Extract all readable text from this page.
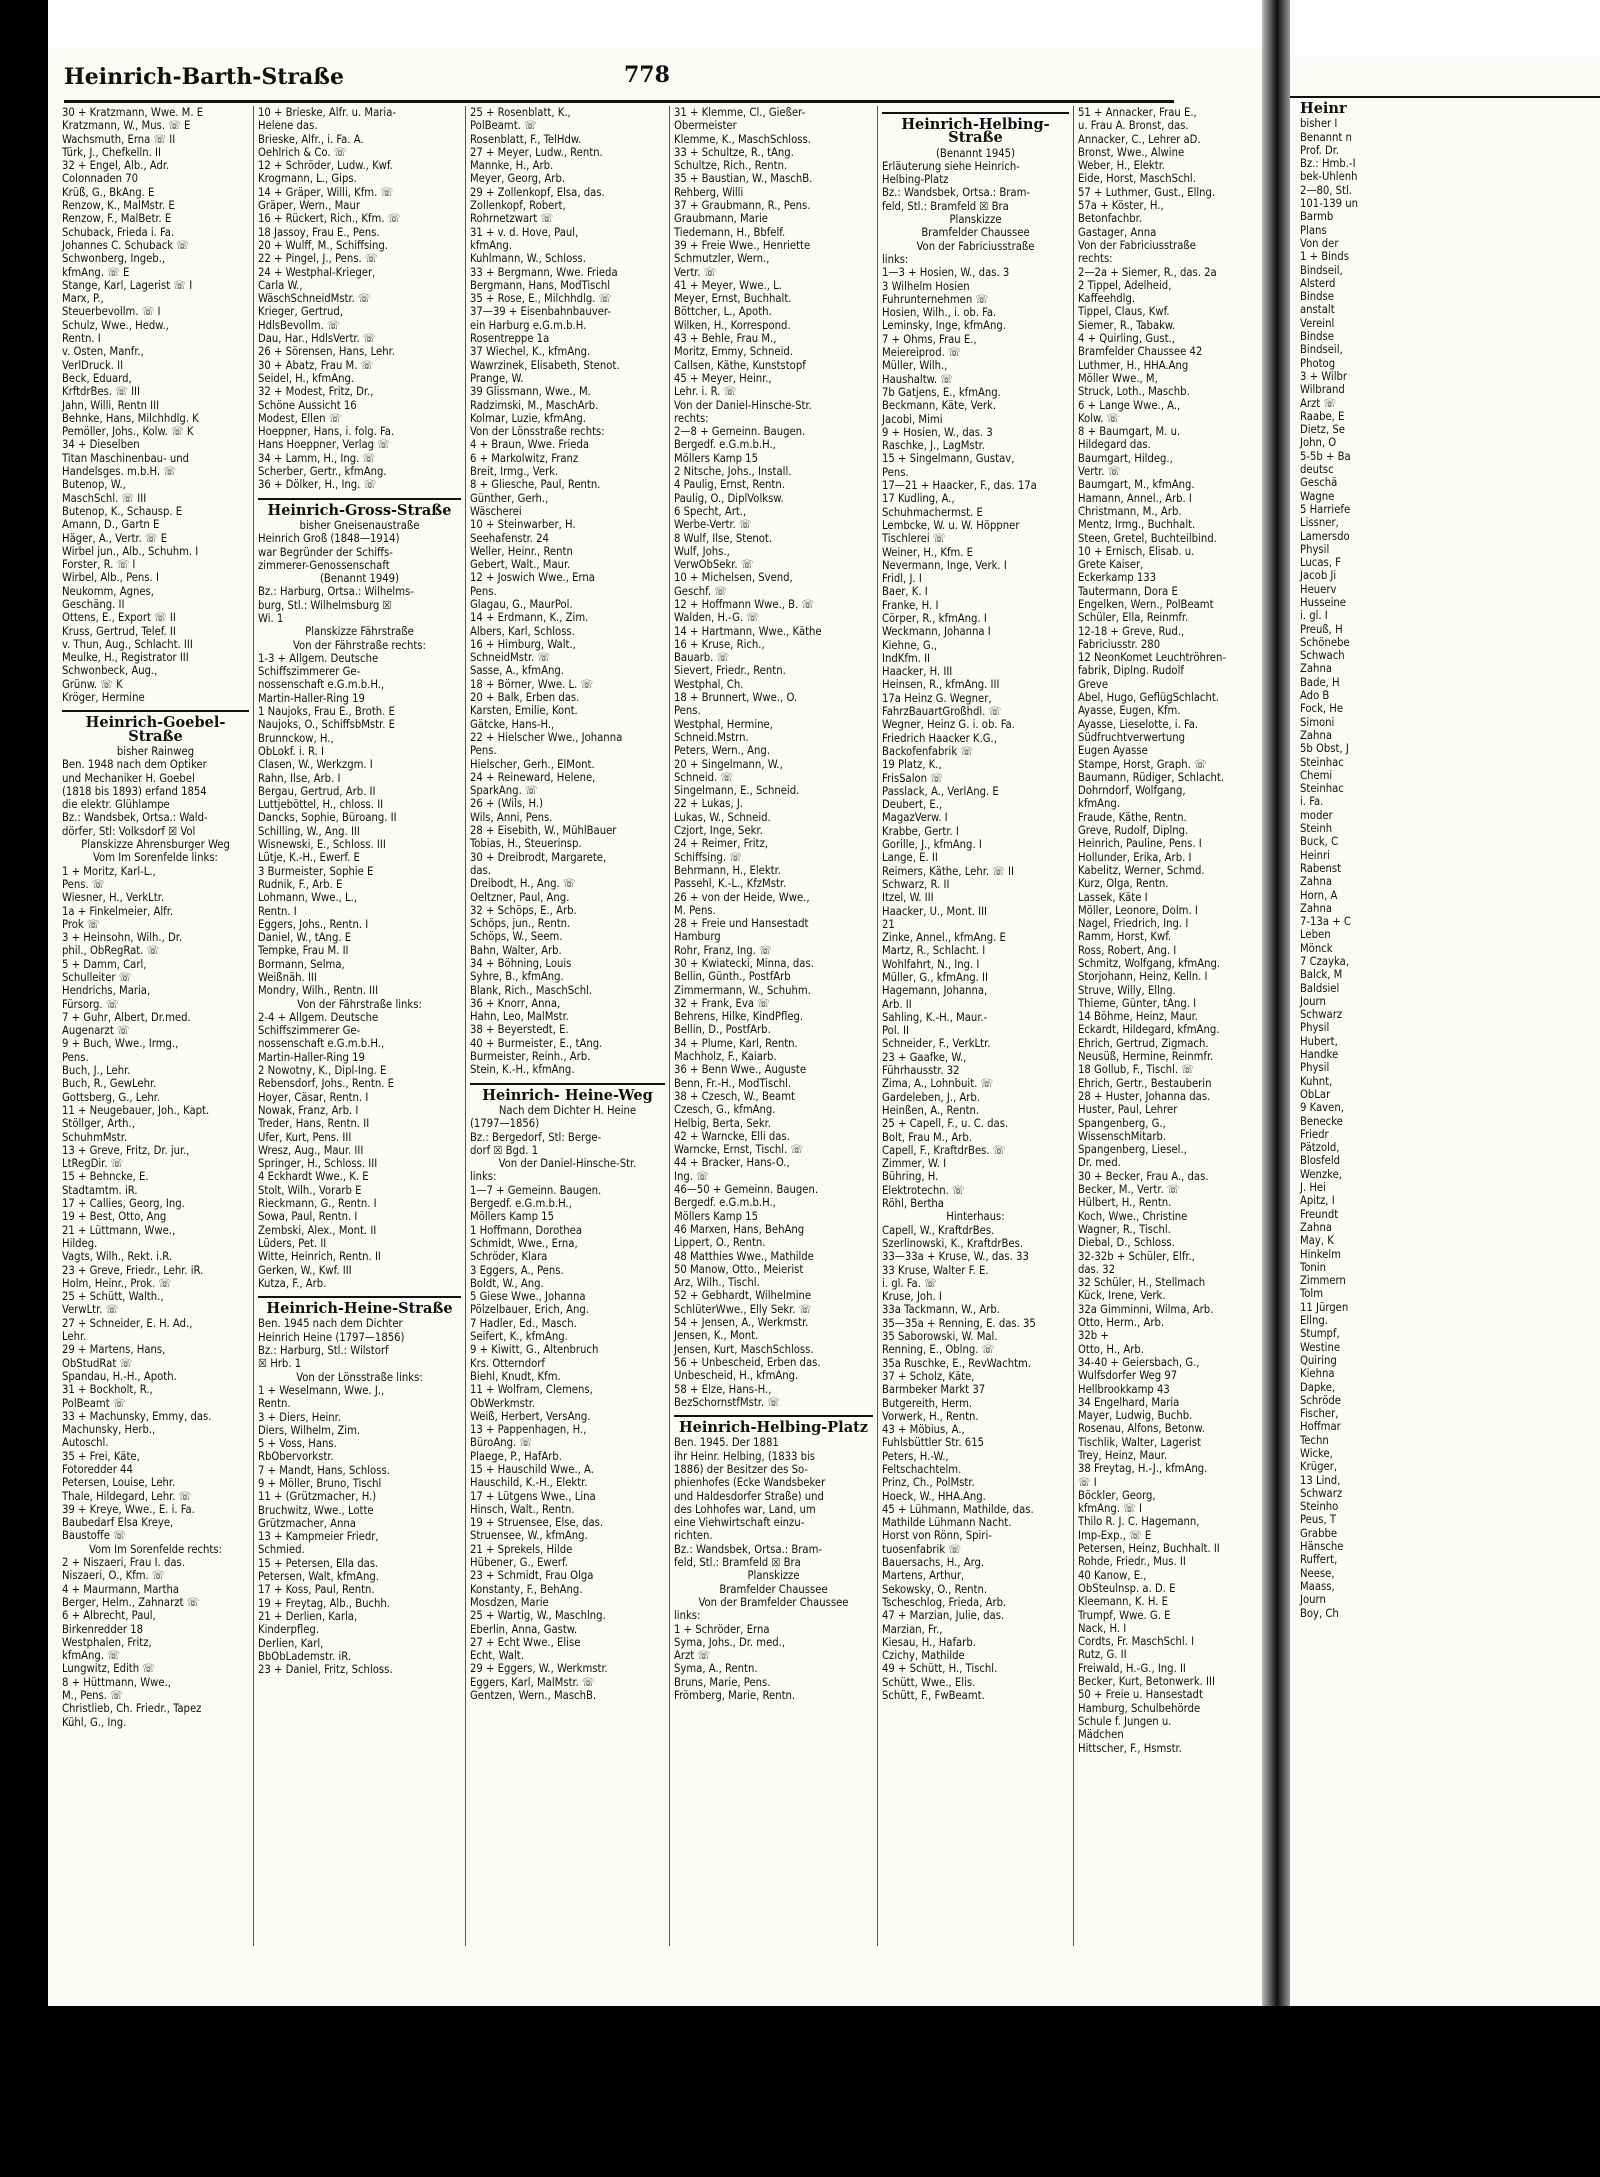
Heinrich-Barth-Straße	778

30 + Kratzmann, Wwe. M. E

Kratzmann, W., Mus. ☏ E

Wachsmuth, Erna ☏ II

Türk, J., Chefkelln. II

32 + Engel, Alb., Adr.

Colonnaden 70

Krüß, G., BkAng. E

Renzow, K., MalMstr. E

Renzow, F., MalBetr. E

Schuback, Frieda i. Fa.

Johannes C. Schuback ☏

Schwonberg, Ingeb.,

kfmAng. ☏ E

Stange, Karl, Lagerist ☏ I

Marx, P.,

Steuerbevollm. ☏ I

Schulz, Wwe., Hedw.,

Rentn. I

v. Osten, Manfr.,

VerlDruck. II

Beck, Eduard,

KrftdrBes. ☏ III

Jahn, Willi, Rentn III

Behnke, Hans, Milchhdlg. K

Pemöller, Johs., Kolw. ☏ K

34 + Dieselben

Titan Maschinenbau- und

Handelsges. m.b.H. ☏

Butenop, W.,

MaschSchl. ☏ III

Butenop, K., Schausp. E

Amann, D., Gartn E

Häger, A., Vertr. ☏ E

Wirbel jun., Alb., Schuhm. I

Forster, R. ☏ I

Wirbel, Alb., Pens. I

Neukomm, Agnes,

Geschäng. II

Ottens, E., Export ☏ II

Kruss, Gertrud, Telef. II

v. Thun, Aug., Schlacht. III

Meulke, H., Registrator III

Schwonbeck, Aug.,

Grünw. ☏ K

Kröger, Hermine

Heinrich-Goebel-Straße

bisher Rainweg

Ben. 1948 nach dem Optiker

und Mechaniker H. Goebel

(1818 bis 1893) erfand 1854

die elektr. Glühlampe

Bz.: Wandsbek, Ortsa.: Wald-

dörfer, Stl: Volksdorf ☒ Vol

Planskizze Ahrensburger Weg

Vom Im Sorenfelde links:

1 + Moritz, Karl-L.,

Pens. ☏

Wiesner, H., VerkLtr.

1a + Finkelmeier, Alfr.

Prok ☏

3 + Heinsohn, Wilh., Dr.

phil., ObRegRat. ☏

5 + Damm, Carl,

Schulleiter ☏

Hendrichs, Maria,

Fürsorg. ☏

7 + Guhr, Albert, Dr.med.

Augenarzt ☏

9 + Buch, Wwe., Irmg.,

Pens.

Buch, J., Lehr.

Buch, R., GewLehr.

Gottsberg, G., Lehr.

11 + Neugebauer, Joh., Kapt.

Stöllger, Arth.,

SchuhmMstr.

13 + Greve, Fritz, Dr. jur.,

LtRegDir. ☏

15 + Behncke, E.

Stadtamtm. iR.

17 + Callies, Georg, Ing.

19 + Best, Otto, Ang

21 + Lüttmann, Wwe.,

Hildeg.

Vagts, Wilh., Rekt. i.R.

23 + Greve, Friedr., Lehr. iR.

Holm, Heinr., Prok. ☏

25 + Schütt, Walth.,

VerwLtr. ☏

27 + Schneider, E. H. Ad.,

Lehr.

29 + Martens, Hans,

ObStudRat ☏

Spandau, H.-H., Apoth.

31 + Bockholt, R.,

PolBeamt ☏

33 + Machunsky, Emmy, das.

Machunsky, Herb.,

Autoschl.

35 + Frei, Käte,

Fotoredder 44

Petersen, Louise, Lehr.

Thale, Hildegard, Lehr. ☏

39 + Kreye, Wwe., E. i. Fa.

Baubedarf Elsa Kreye,

Baustoffe ☏

Vom Im Sorenfelde rechts:

2 + Niszaeri, Frau I. das.

Niszaeri, O., Kfm. ☏

4 + Maurmann, Martha

Berger, Helm., Zahnarzt ☏

6 + Albrecht, Paul,

Birkenredder 18

Westphalen, Fritz,

kfmAng. ☏

Lungwitz, Edith ☏

8 + Hüttmann, Wwe.,

M., Pens. ☏

Christlieb, Ch. Friedr., Tapez

Kühl, G., Ing.

10 + Brieske, Alfr. u. Maria-

Helene das.

Brieske, Alfr., i. Fa. A.

Oehlrich & Co. ☏

12 + Schröder, Ludw., Kwf.

Krogmann, L., Gips.

14 + Gräper, Willi, Kfm. ☏

Gräper, Wern., Maur

16 + Rückert, Rich., Kfm. ☏

18 Jassoy, Frau E., Pens.

20 + Wulff, M., Schiffsing.

22 + Pingel, J., Pens. ☏

24 + Westphal-Krieger,

Carla W.,

WäschSchneidMstr. ☏

Krieger, Gertrud,

HdlsBevollm. ☏

Dau, Har., HdlsVertr. ☏

26 + Sörensen, Hans, Lehr.

30 + Abatz, Frau M. ☏

Seidel, H., kfmAng.

32 + Modest, Fritz, Dr.,

Schöne Aussicht 16

Modest, Ellen ☏

Hoeppner, Hans, i. folg. Fa.

Hans Hoeppner, Verlag ☏

34 + Lamm, H., Ing. ☏

Scherber, Gertr., kfmAng.

36 + Dölker, H., Ing. ☏

Heinrich-Gross-Straße

bisher Gneisenaustraße

Heinrich Groß (1848—1914)

war Begründer der Schiffs-

zimmerer-Genossenschaft

(Benannt 1949)

Bz.: Harburg, Ortsa.: Wilhelms-

burg, Stl.: Wilhelmsburg ☒

Wi. 1

Planskizze Fährstraße

Von der Fährstraße rechts:

1-3 + Allgem. Deutsche

Schiffszimmerer Ge-

nossenschaft e.G.m.b.H.,

Martin-Haller-Ring 19

1 Naujoks, Frau E., Broth. E

Naujoks, O., SchiffsbMstr. E

Brunnckow, H.,

ObLokf. i. R. I

Clasen, W., Werkzgm. I

Rahn, Ilse, Arb. I

Bergau, Gertrud, Arb. II

Luttjeböttel, H., chloss. II

Dancks, Sophie, Büroang. II

Schilling, W., Ang. III

Wisnewski, E., Schloss. III

Lütje, K.-H., Ewerf. E

3 Burmeister, Sophie E

Rudnik, F., Arb. E

Lohmann, Wwe., L.,

Rentn. I

Eggers, Johs., Rentn. I

Daniel, W., tAng. E

Tempke, Frau M. II

Bormann, Selma,

Weißnäh. III

Mondry, Wilh., Rentn. III

Von der Fährstraße links:

2-4 + Allgem. Deutsche

Schiffszimmerer Ge-

nossenschaft e.G.m.b.H.,

Martin-Haller-Ring 19

2 Nowotny, K., Dipl-Ing. E

Rebensdorf, Johs., Rentn. E

Hoyer, Cäsar, Rentn. I

Nowak, Franz, Arb. I

Treder, Hans, Rentn. II

Ufer, Kurt, Pens. III

Wresz, Aug., Maur. III

Springer, H., Schloss. III

4 Eckhardt Wwe., K. E

Stolt, Wilh., Vorarb E

Rieckmann, G., Rentn. I

Sowa, Paul, Rentn. I

Zembski, Alex., Mont. II

Lüders, Pet. II

Witte, Heinrich, Rentn. II

Gerken, W., Kwf. III

Kutza, F., Arb.

Heinrich-Heine-Straße

Ben. 1945 nach dem Dichter

Heinrich Heine (1797—1856)

Bz.: Harburg, Stl.: Wilstorf

☒ Hrb. 1

Von der Lönsstraße links:

1 + Weselmann, Wwe. J.,

Rentn.

3 + Diers, Heinr.

Diers, Wilhelm, Zim.

5 + Voss, Hans.

RbObervorkstr.

7 + Mandt, Hans, Schloss.

9 + Möller, Bruno, Tischl

11 + (Grützmacher, H.)

Bruchwitz, Wwe., Lotte

Grützmacher, Anna

13 + Kampmeier Friedr,

Schmied.

15 + Petersen, Ella das.

Petersen, Walt, kfmAng.

17 + Koss, Paul, Rentn.

19 + Freytag, Alb., Buchh.

21 + Derlien, Karla,

Kinderpfleg.

Derlien, Karl,

BbObLademstr. iR.

23 + Daniel, Fritz, Schloss.

25 + Rosenblatt, K.,

PolBeamt. ☏

Rosenblatt, F., TelHdw.

27 + Meyer, Ludw., Rentn.

Mannke, H., Arb.

Meyer, Georg, Arb.

29 + Zollenkopf, Elsa, das.

Zollenkopf, Robert,

Rohrnetzwart ☏

31 + v. d. Hove, Paul,

kfmAng.

Kuhlmann, W., Schloss.

33 + Bergmann, Wwe. Frieda

Bergmann, Hans, ModTischl

35 + Rose, E., Milchhdlg. ☏

37—39 + Eisenbahnbauver-

ein Harburg e.G.m.b.H.

Rosentreppe 1a

37 Wiechel, K., kfmAng.

Wawrzinek, Elisabeth, Stenot.

Prange, W.

39 Glissmann, Wwe., M.

Radzimski, M., MaschArb.

Kolmar, Luzie, kfmAng.

Von der Lönsstraße rechts:

4 + Braun, Wwe. Frieda

6 + Markolwitz, Franz

Breit, Irmg., Verk.

8 + Gliesche, Paul, Rentn.

Günther, Gerh.,

Wäscherei

10 + Steinwarber, H.

Seehafenstr. 24

Weller, Heinr., Rentn

Gebert, Walt., Maur.

12 + Joswich Wwe., Erna

Pens.

Glagau, G., MaurPol.

14 + Erdmann, K., Zim.

Albers, Karl, Schloss.

16 + Himburg, Walt.,

SchneidMstr. ☏

Sasse, A., kfmAng.

18 + Börner, Wwe. L. ☏

20 + Balk, Erben das.

Karsten, Emilie, Kont.

Gätcke, Hans-H.,

22 + Hielscher Wwe., Johanna

Pens.

Hielscher, Gerh., ElMont.

24 + Reineward, Helene,

SparkAng. ☏

26 + (Wils, H.)

Wils, Anni, Pens.

28 + Eisebith, W., MühlBauer

Tobias, H., Steuerinsp.

30 + Dreibrodt, Margarete,

das.

Dreibodt, H., Ang. ☏

Oeltzner, Paul, Ang.

32 + Schöps, E., Arb.

Schöps, jun., Rentn.

Schöps, W., Seem.

Bahn, Walter, Arb.

34 + Böhning, Louis

Syhre, B., kfmAng.

Blank, Rich., MaschSchl.

36 + Knorr, Anna,

Hahn, Leo, MalMstr.

38 + Beyerstedt, E.

40 + Burmeister, E., tAng.

Burmeister, Reinh., Arb.

Stein, K.-H., kfmAng.

Heinrich- Heine-Weg

Nach dem Dichter H. Heine

(1797—1856)

Bz.: Bergedorf, Stl: Berge-

dorf ☒ Bgd. 1

Von der Daniel-Hinsche-Str.

links:

1—7 + Gemeinn. Baugen.

Bergedf. e.G.m.b.H.,

Möllers Kamp 15

1 Hoffmann, Dorothea

Schmidt, Wwe., Erna,

Schröder, Klara

3 Eggers, A., Pens.

Boldt, W., Ang.

5 Giese Wwe., Johanna

Pölzelbauer, Erich, Ang.

7 Hadler, Ed., Masch.

Seifert, K., kfmAng.

9 + Kiwitt, G., Altenbruch

Krs. Otterndorf

Biehl, Knudt, Kfm.

11 + Wolfram, Clemens,

ObWerkmstr.

Weiß, Herbert, VersAng.

13 + Pappenhagen, H.,

BüroAng. ☏

Plaege, P., HafArb.

15 + Hauschild Wwe., A.

Hauschild, K.-H., Elektr.

17 + Lütgens Wwe., Lina

Hinsch, Walt., Rentn.

19 + Struensee, Else, das.

Struensee, W., kfmAng.

21 + Sprekels, Hilde

Hübener, G., Ewerf.

23 + Schmidt, Frau Olga

Konstanty, F., BehAng.

Mosdzen, Marie

25 + Wartig, W., Maschlng.

Eberlin, Anna, Gastw.

27 + Echt Wwe., Elise

Echt, Walt.

29 + Eggers, W., Werkmstr.

Eggers, Karl, MalMstr. ☏

Gentzen, Wern., MaschB.

31 + Klemme, Cl., Gießer-

Obermeister

Klemme, K., MaschSchloss.

33 + Schultze, R., tAng.

Schultze, Rich., Rentn.

35 + Baustian, W., MaschB.

Rehberg, Willi

37 + Graubmann, R., Pens.

Graubmann, Marie

Tiedemann, H., Bbfelf.

39 + Freie Wwe., Henriette

Schmutzler, Wern.,

Vertr. ☏

41 + Meyer, Wwe., L.

Meyer, Ernst, Buchhalt.

Böttcher, L., Apoth.

Wilken, H., Korrespond.

43 + Behle, Frau M.,

Moritz, Emmy, Schneid.

Callsen, Käthe, Kunststopf

45 + Meyer, Heinr.,

Lehr. i. R. ☏

Von der Daniel-Hinsche-Str.

rechts:

2—8 + Gemeinn. Baugen.

Bergedf. e.G.m.b.H.,

Möllers Kamp 15

2 Nitsche, Johs., Install.

4 Paulig, Ernst, Rentn.

Paulig, O., DiplVolksw.

6 Specht, Art.,

Werbe-Vertr. ☏

8 Wulf, Ilse, Stenot.

Wulf, Johs.,

VerwObSekr. ☏

10 + Michelsen, Svend,

Geschf. ☏

12 + Hoffmann Wwe., B. ☏

Walden, H.-G. ☏

14 + Hartmann, Wwe., Käthe

16 + Kruse, Rich.,

Bauarb. ☏

Sievert, Friedr., Rentn.

Westphal, Ch.

18 + Brunnert, Wwe., O.

Pens.

Westphal, Hermine,

Schneid.Mstrn.

Peters, Wern., Ang.

20 + Singelmann, W.,

Schneid. ☏

Singelmann, E., Schneid.

22 + Lukas, J.

Lukas, W., Schneid.

Czjort, Inge, Sekr.

24 + Reimer, Fritz,

Schiffsing. ☏

Behrmann, H., Elektr.

Passehl, K.-L., KfzMstr.

26 + von der Heide, Wwe.,

M. Pens.

28 + Freie und Hansestadt

Hamburg

Rohr, Franz, Ing. ☏

30 + Kwiatecki, Minna, das.

Bellin, Günth., PostfArb

Zimmermann, W., Schuhm.

32 + Frank, Eva ☏

Behrens, Hilke, KindPfleg.

Bellin, D., PostfArb.

34 + Plume, Karl, Rentn.

Machholz, F., Kaiarb.

36 + Benn Wwe., Auguste

Benn, Fr.-H., ModTischl.

38 + Czesch, W., Beamt

Czesch, G., kfmAng.

Helbig, Berta, Sekr.

42 + Warncke, Elli das.

Warncke, Ernst, Tischl. ☏

44 + Bracker, Hans-O.,

Ing. ☏

46—50 + Gemeinn. Baugen.

Bergedf. e.G.m.b.H.,

Möllers Kamp 15

46 Marxen, Hans, BehAng

Lippert, O., Rentn.

48 Matthies Wwe., Mathilde

50 Manow, Otto., Meierist

Arz, Wilh., Tischl.

52 + Gebhardt, Wilhelmine

SchlüterWwe., Elly Sekr. ☏

54 + Jensen, A., Werkmstr.

Jensen, K., Mont.

Jensen, Kurt, MaschSchloss.

56 + Unbescheid, Erben das.

Unbescheid, H., kfmAng.

58 + Elze, Hans-H.,

BezSchornstfMstr. ☏

Heinrich-Helbing-Platz

Ben. 1945. Der 1881

ihr Heinr. Helbing, (1833 bis

1886) der Besitzer des So-

phienhofes (Ecke Wandsbeker

und Haldesdorfer Straße) und

des Lohhofes war, Land, um

eine Viehwirtschaft einzu-

richten.

Bz.: Wandsbek, Ortsa.: Bram-

feld, Stl.: Bramfeld ☒ Bra

Planskizze

Bramfelder Chaussee

Von der Bramfelder Chaussee

links:

1 + Schröder, Erna

Syma, Johs., Dr. med.,

Arzt ☏

Syma, A., Rentn.

Bruns, Marie, Pens.

Frömberg, Marie, Rentn.

Heinrich-Helbing-Straße

(Benannt 1945)

Erläuterung siehe Heinrich-

Helbing-Platz

Bz.: Wandsbek, Ortsa.: Bram-

feld, Stl.: Bramfeld ☒ Bra

Planskizze

Bramfelder Chaussee

Von der Fabriciusstraße

links:

1—3 + Hosien, W., das. 3

3 Wilhelm Hosien

Fuhrunternehmen ☏

Hosien, Wilh., i. ob. Fa.

Leminsky, Inge, kfmAng.

7 + Ohms, Frau E.,

Meiereiprod. ☏

Müller, Wilh.,

Haushaltw. ☏

7b Gatjens, E., kfmAng.

Beckmann, Käte, Verk.

Jacobi, Mimi

9 + Hosien, W., das. 3

Raschke, J., LagMstr.

15 + Singelmann, Gustav,

Pens.

17—21 + Haacker, F., das. 17a

17 Kudling, A.,

Schuhmachermst. E

Lembcke, W. u. W. Höppner

Tischlerei ☏

Weiner, H., Kfm. E

Nevermann, Inge, Verk. I

Fridl, J. I

Baer, K. I

Franke, H. I

Cörper, R., kfmAng. I

Weckmann, Johanna I

Kiehne, G.,

IndKfm. II

Haacker, H. III

Heinsen, R., kfmAng. III

17a Heinz G. Wegner,

FahrzBauartGroßhdl. ☏

Wegner, Heinz G. i. ob. Fa.

Friedrich Haacker K.G.,

Backofenfabrik ☏

19 Platz, K.,

FrisSalon ☏

Passlack, A., VerlAng. E

Deubert, E.,

MagazVerw. I

Krabbe, Gertr. I

Gorille, J., kfmAng. I

Lange, E. II

Reimers, Käthe, Lehr. ☏ II

Schwarz, R. II

Itzel, W. III

Haacker, U., Mont. III

21

Zinke, Annel., kfmAng. E

Martz, R., Schlacht. I

Wohlfahrt, N., Ing. I

Müller, G., kfmAng. II

Hagemann, Johanna,

Arb. II

Sahling, K.-H., Maur.-

Pol. II

Schneider, F., VerkLtr.

23 + Gaafke, W.,

Führhausstr. 32

Zima, A., Lohnbuit. ☏

Gardeleben, J., Arb.

Heinßen, A., Rentn.

25 + Capell, F., u. C. das.

Bolt, Frau M., Arb.

Capell, F., KraftdrBes. ☏

Zimmer, W. I

Bühring, H.

Elektrotechn. ☏

Röhl, Bertha

Hinterhaus:

Capell, W., KraftdrBes.

Szerlinowski, K., KraftdrBes.

33—33a + Kruse, W., das. 33

33 Kruse, Walter F. E.

i. gl. Fa. ☏

Kruse, Joh. I

33a Tackmann, W., Arb.

35—35a + Renning, E. das. 35

35 Saborowski, W. Mal.

Renning, E., Oblng. ☏

35a Ruschke, E., RevWachtm.

37 + Scholz, Käte,

Barmbeker Markt 37

Butgereith, Herm.

Vorwerk, H., Rentn.

43 + Möbius, A.,

Fuhlsbüttler Str. 615

Peters, H.-W.,

Feltschachtelm.

Prinz, Ch., PolMstr.

Hoeck, W., HHA.Ang.

45 + Lühmann, Mathilde, das.

Mathilde Lühmann Nacht.

Horst von Rönn, Spiri-

tuosenfabrik ☏

Bauersachs, H., Arg.

Martens, Arthur,

Sekowsky, O., Rentn.

Tscheschlog, Frieda, Arb.

47 + Marzian, Julie, das.

Marzian, Fr.,

Kiesau, H., Hafarb.

Czichy, Mathilde

49 + Schütt, H., Tischl.

Schütt, Wwe., Elis.

Schütt, F., FwBeamt.

51 + Annacker, Frau E.,

u. Frau A. Bronst, das.

Annacker, C., Lehrer aD.

Bronst, Wwe., Alwine

Weber, H., Elektr.

Eide, Horst, MaschSchl.

57 + Luthmer, Gust., Ellng.

57a + Köster, H.,

Betonfachbr.

Gastager, Anna

Von der Fabriciusstraße

rechts:

2—2a + Siemer, R., das. 2a

2 Tippel, Adelheid,

Kaffeehdlg.

Tippel, Claus, Kwf.

Siemer, R., Tabakw.

4 + Quirling, Gust.,

Bramfelder Chaussee 42

Luthmer, H., HHA.Ang

Möller Wwe., M,

Struck, Loth., Maschb.

6 + Lange Wwe., A.,

Kolw. ☏

8 + Baumgart, M. u.

Hildegard das.

Baumgart, Hildeg.,

Vertr. ☏

Baumgart, M., kfmAng.

Hamann, Annel., Arb. I

Christmann, M., Arb.

Mentz, Irmg., Buchhalt.

Steen, Gretel, Buchteilbind.

10 + Ernisch, Elisab. u.

Grete Kaiser,

Eckerkamp 133

Tautermann, Dora E

Engelken, Wern., PolBeamt

Schüler, Ella, Reinmfr.

12-18 + Greve, Rud.,

Fabriciusstr. 280

12 NeonKomet Leuchtröhren-

fabrik, Diplng. Rudolf

Greve

Abel, Hugo, GeflügSchlacht.

Ayasse, Eugen, Kfm.

Ayasse, Lieselotte, i. Fa.

Südfruchtverwertung

Eugen Ayasse

Stampe, Horst, Graph. ☏

Baumann, Rüdiger, Schlacht.

Dohrndorf, Wolfgang,

kfmAng.

Fraude, Käthe, Rentn.

Greve, Rudolf, Diplng.

Heinrich, Pauline, Pens. I

Hollunder, Erika, Arb. I

Kabelitz, Werner, Schmd.

Kurz, Olga, Rentn.

Lassek, Käte I

Möller, Leonore, Dolm. I

Nagel, Friedrich, Ing. I

Ramm, Horst, Kwf.

Ross, Robert, Ang. I

Schmitz, Wolfgang, kfmAng.

Storjohann, Heinz, Kelln. I

Struve, Willy, Ellng.

Thieme, Günter, tAng. I

14 Böhme, Heinz, Maur.

Eckardt, Hildegard, kfmAng.

Ehrich, Gertrud, Zigmach.

Neusüß, Hermine, Reinmfr.

18 Gollub, F., Tischl. ☏

Ehrich, Gertr., Bestauberin

28 + Huster, Johanna das.

Huster, Paul, Lehrer

Spangenberg, G.,

WissenschMitarb.

Spangenberg, Liesel.,

Dr. med.

30 + Becker, Frau A., das.

Becker, M., Vertr. ☏

Hülbert, H., Rentn.

Koch, Wwe., Christine

Wagner, R., Tischl.

Diebal, D., Schloss.

32-32b + Schüler, Elfr.,

das. 32

32 Schüler, H., Stellmach

Kück, Irene, Verk.

32a Gimminni, Wilma, Arb.

Otto, Herm., Arb.

32b +

Otto, H., Arb.

34-40 + Geiersbach, G.,

Wulfsdorfer Weg 97

Hellbrookkamp 43

34 Engelhard, Maria

Mayer, Ludwig, Buchb.

Rosenau, Alfons, Betonw.

Tischlik, Walter, Lagerist

Trey, Heinz, Maur.

38 Freytag, H.-J., kfmAng.

☏ I

Böckler, Georg,

kfmAng. ☏ I

Thilo R. J. C. Hagemann,

Imp-Exp., ☏ E

Petersen, Heinz, Buchhalt. II

Rohde, Friedr., Mus. II

40 Kanow, E.,

ObSteulnsp. a. D. E

Kleemann, K. H. E

Trumpf, Wwe. G. E

Nack, H. I

Cordts, Fr. MaschSchl. I

Rutz, G. II

Freiwald, H.-G., Ing. II

Becker, Kurt, Betonwerk. III

50 + Freie u. Hansestadt

Hamburg, Schulbehörde

Schule f. Jungen u.

Mädchen

Hittscher, F., Hsmstr.

Heinr

bisher I

Benannt n

Prof. Dr.

Bz.: Hmb.-I

bek-Uhlenh

2—80, Stl.

101-139 un

Barmb

Plans

Von der

1 + Binds

Bindseil,

Alsterd

Bindse

anstalt

Vereinl

Bindse

Bindseil,

Photog

3 + Wilbr

Wilbrand

Arzt ☏

Raabe, E

Dietz, Se

John, O

5-5b + Ba

deutsc

Geschä

Wagne

5 Harriefe

Lissner,

Lamersdo

Physil

Lucas, F

Jacob Ji

Heuerv

Husseine

i. gl. I

Preuß, H

Schönebe

Schwach

Zahna

Bade, H

Ado B

Fock, He

Simoni

Zahna

5b Obst, J

Steinhac

Chemi

Steinhac

i. Fa.

moder

Steinh

Buck, C

Heinri

Rabenst

Zahna

Horn, A

Zahna

7-13a + C

Leben

Mönck

7 Czayka,

Balck, M

Baldsiel

Journ

Schwarz

Physil

Hubert,

Handke

Physil

Kuhnt,

ObLar

9 Kaven,

Benecke

Friedr

Pätzold,

Blosfeld

Wenzke,

J. Hei

Apitz, I

Freundt

Zahna

May, K

Hinkelm

Tonin

Zimmern

Tolm

11 Jürgen

Ellng.

Stumpf,

Westine

Quiring

Kiehna

Dapke,

Schröde

Fischer,

Hoffmar

Techn

Wicke,

Krüger,

13 Lind,

Schwarz

Steinho

Peus, T

Grabbe

Hänsche

Ruffert,

Neese,

Maass,

Journ

Boy, Ch
